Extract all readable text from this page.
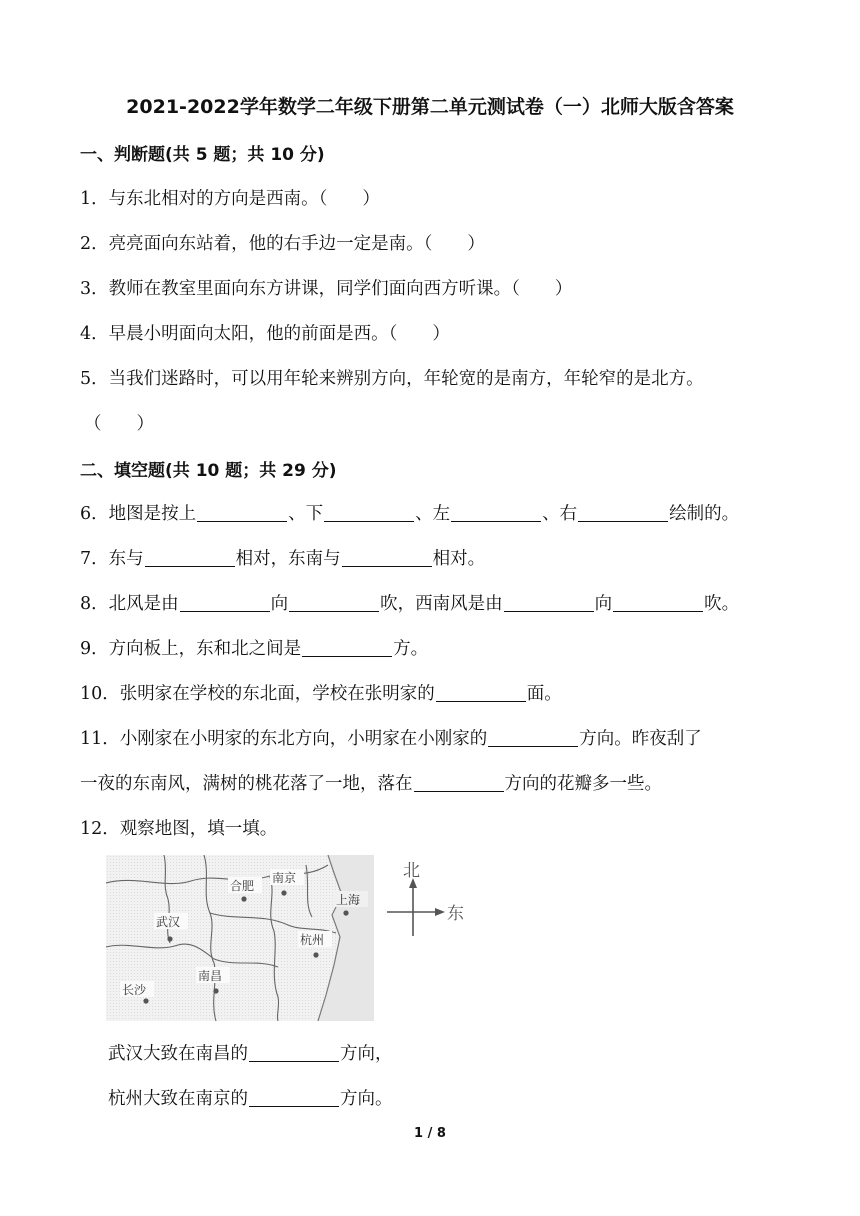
2021-2022学年数学二年级下册第二单元测试卷（一）北师大版含答案
一、判断题(共 5 题；共 10 分)
1．与东北相对的方向是西南。（　　）
2．亮亮面向东站着，他的右手边一定是南。（　　）
3．教师在教室里面向东方讲课，同学们面向西方听课。（　　）
4．早晨小明面向太阳，他的前面是西。（　　）
5．当我们迷路时，可以用年轮来辨别方向，年轮宽的是南方，年轮窄的是北方。
（　　）
二、填空题(共 10 题；共 29 分)
6．地图是按上	、下	、左	、右	绘制的。
7．东与	相对，东南与	相对。
8．北风是由	向	吹，西南风是由	向	吹。
9．方向板上，东和北之间是	方。
10．张明家在学校的东北面，学校在张明家的	面。
11．小刚家在小明家的东北方向，小明家在小刚家的	方向。昨夜刮了
一夜的东南风，满树的桃花落了一地，落在	方向的花瓣多一些。
12．观察地图，填一填。
合肥
南京
上海
武汉
杭州
南昌
长沙
北
东
武汉大致在南昌的	方向，
杭州大致在南京的	方向。
1 / 8
